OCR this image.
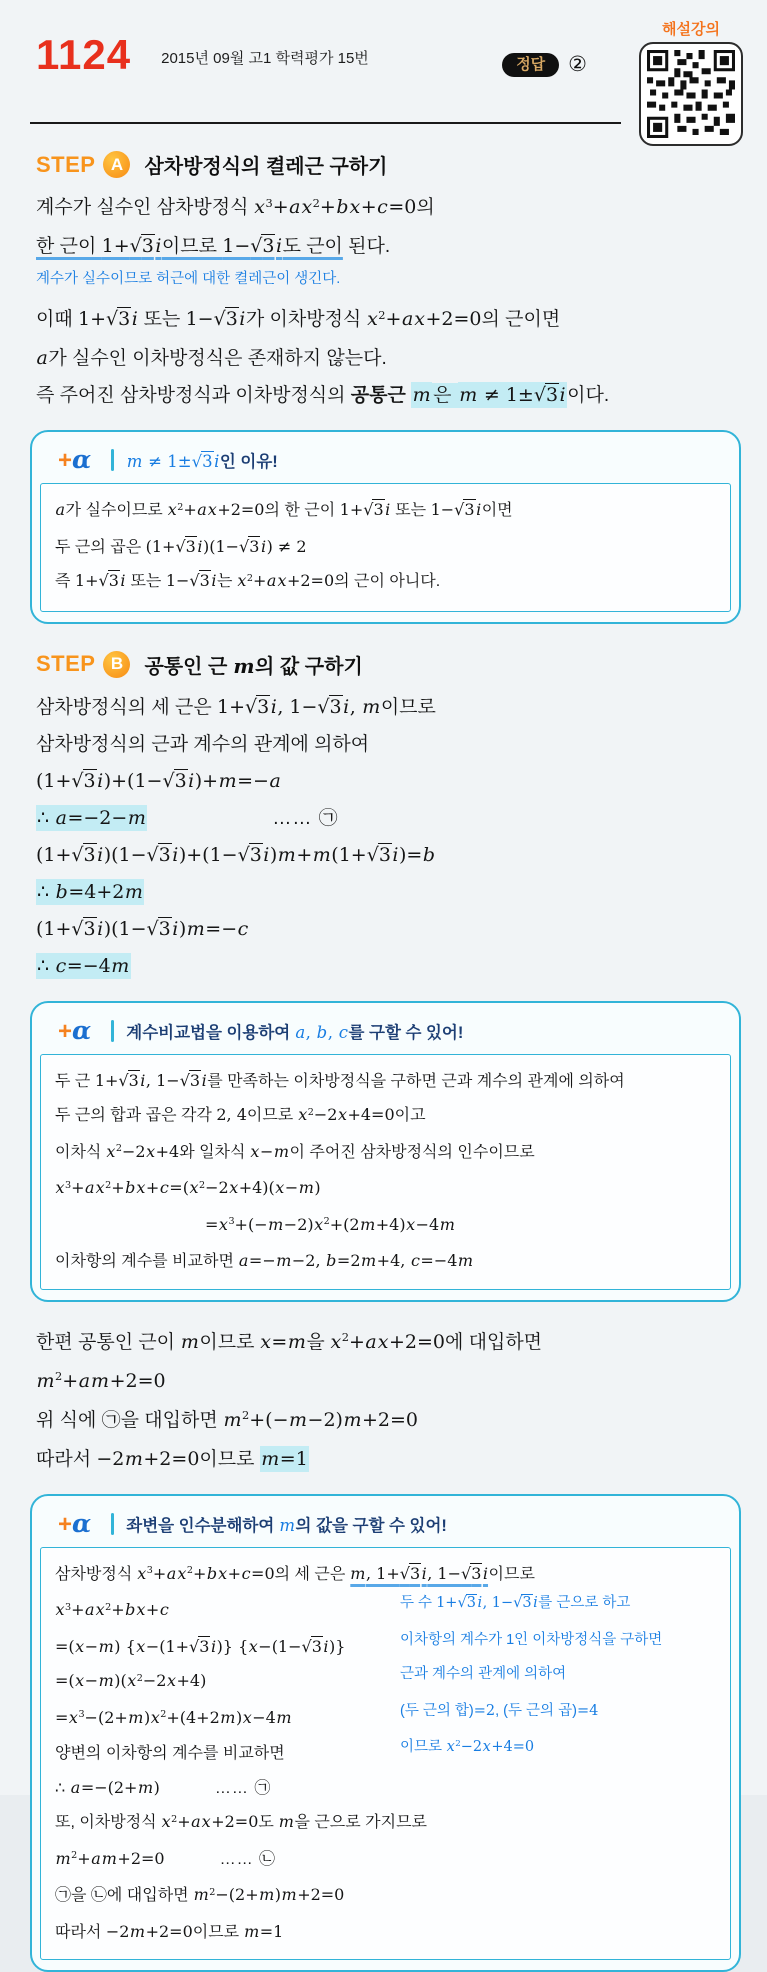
1124 2015년 09월 고1 학력평가 15번	정답	②
해설강의
STEP A	삼차방정식의 켤레근 구하기
계수가 실수인 삼차방정식 $x^3+ax^2+bx+c=0$의
한 근이 1+√3i이므로 1−√3i도 근이 된다.
계수가 실수이므로 허근에 대한 켤레근이 생긴다.
이때 1+√3i 또는 1−√3i가 이차방정식 $x^2+ax+2=0$의 근이면
a가 실수인 이차방정식은 존재하지 않는다.
즉 주어진 삼차방정식과 이차방정식의 공통근 m 은 m ≠ 1±√3i이다.
+ α m ≠ 1±√3i인 이유!
a가 실수이므로 $x^2+ax+2=0$의 한 근이 1+√3i 또는 1−√3i이면
두 근의 곱은 (1+√3i)(1−√3i) ≠ 2
즉 1+√3i 또는 1−√3i는 $x^2+ax+2=0$의 근이 아니다.
STEP B	공통인 근 m의 값 구하기
삼차방정식의 세 근은 1+√3i, 1−√3i, m이므로
삼차방정식의 근과 계수의 관계에 의하여
(1+√3i)+(1−√3i)+m=−a
∴ a=−2−m	…… ㉠
(1+√3i)(1−√3i)+(1−√3i)m+m(1+√3i)=b
∴ b=4+2m
(1+√3i)(1−√3i)m=−c
∴ c=−4m
+ α 계수비교법을 이용하여 a, b, c를 구할 수 있어!
두 근 1+√3i, 1−√3i를 만족하는 이차방정식을 구하면 근과 계수의 관계에 의하여
두 근의 합과 곱은 각각 2, 4이므로 $x^2-2x+4=0$이고
이차식 $x^2-2x+4$와 일차식 x−m이 주어진 삼차방정식의 인수이므로
$x^3+ax^2+bx+c=(x^2-2x+4)(x-m)$
$=x^3+(-m-2)x^2+(2m+4)x-4m$
이차항의 계수를 비교하면 a=−m−2, b=2m+4, c=−4m
한편 공통인 근이 m이므로 x=m을 $x^2+ax+2=0$에 대입하면
$m^2+am+2=0$
위 식에 ㉠을 대입하면 $m^2+(-m-2)m+2=0$
따라서 −2m+2=0이므로 m=1
+ α 좌변을 인수분해하여 m의 값을 구할 수 있어!
삼차방정식 $x^3+ax^2+bx+c=0$의 세 근은 m, 1+√3i, 1−√3i이므로
$x^3+ax^2+bx+c$	두 수 1+√3 i, 1−√3 i를 근으로 하고
=(x−m) {x−(1+√3i)} {x−(1−√3i)}	이차항의 계수가 1인 이차방정식을 구하면
$=(x-m)(x^2-2x+4)$	근과 계수의 관계에 의하여
$=x^3-(2+m)x^2+(4+2m)x-4m$	(두 근의 합)=2, (두 근의 곱)=4
양변의 이차항의 계수를 비교하면	이므로 $x^2-2x+4=0$
∴ a=−(2+m)	…… ㉠
또, 이차방정식 $x^2+ax+2=0$도 m을 근으로 가지므로
$m^2+am+2=0$	…… ㉡
㉠을 ㉡에 대입하면 $m^2-(2+m)m+2=0$
따라서 −2m+2=0이므로 m=1
